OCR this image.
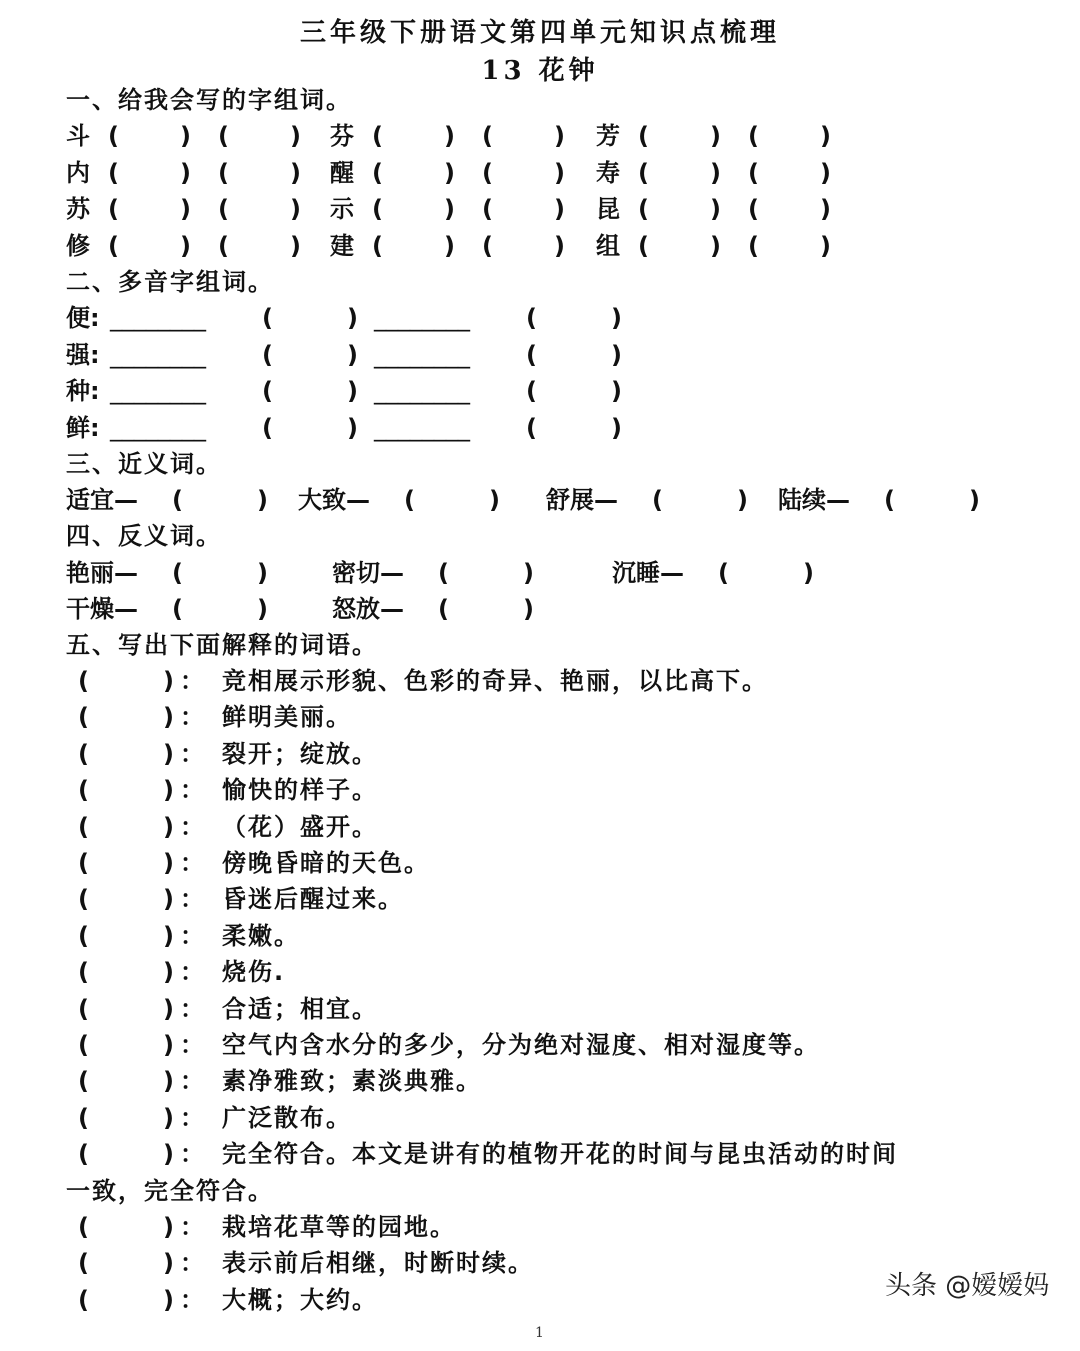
三年级下册语文第四单元知识点梳理
13 花钟
一、给我会写的字组词。
斗 ( ) ( ) 芬 ( ) ( ) 芳 ( ) ( )
内 ( ) ( ) 醒 ( ) ( ) 寿 ( ) ( )
苏 ( ) ( ) 示 ( ) ( ) 昆 ( ) ( )
修 ( ) ( ) 建 ( ) ( ) 组 ( ) ( )
二、多音字组词。
便: ________ (	) ________ (	)
强: ________ (	) ________ (	)
种: ________ (	) ________ (	)
鲜: ________ (	) ________ (	)
三、近义词。
适宜— (	) 大致— (	) 舒展— (	) 陆续— (	)
四、反义词。
艳丽— (	)	密切— (	)	沉睡— (	)
干燥— (	)	怒放— (	)
五、写出下面解释的词语。
(	) ： 竞相展示形貌、色彩的奇异、艳丽，以比高下。
(	) ： 鲜明美丽。
(	) ： 裂开；绽放。
(	) ： 愉快的样子。
(	) ： （花）盛开。
(	) ： 傍晚昏暗的天色。
(	) ： 昏迷后醒过来。
(	) ： 柔嫩。
(	) ： 烧伤.
(	) ： 合适；相宜。
(	) ： 空气内含水分的多少，分为绝对湿度、相对湿度等。
(	) ： 素净雅致；素淡典雅。
(	) ： 广泛散布。
(	) ： 完全符合。本文是讲有的植物开花的时间与昆虫活动的时间
一致，完全符合。
(	) ： 栽培花草等的园地。
(	) ： 表示前后相继，时断时续。
(	) ： 大概；大约。	头条 @嫒嫒妈
1
